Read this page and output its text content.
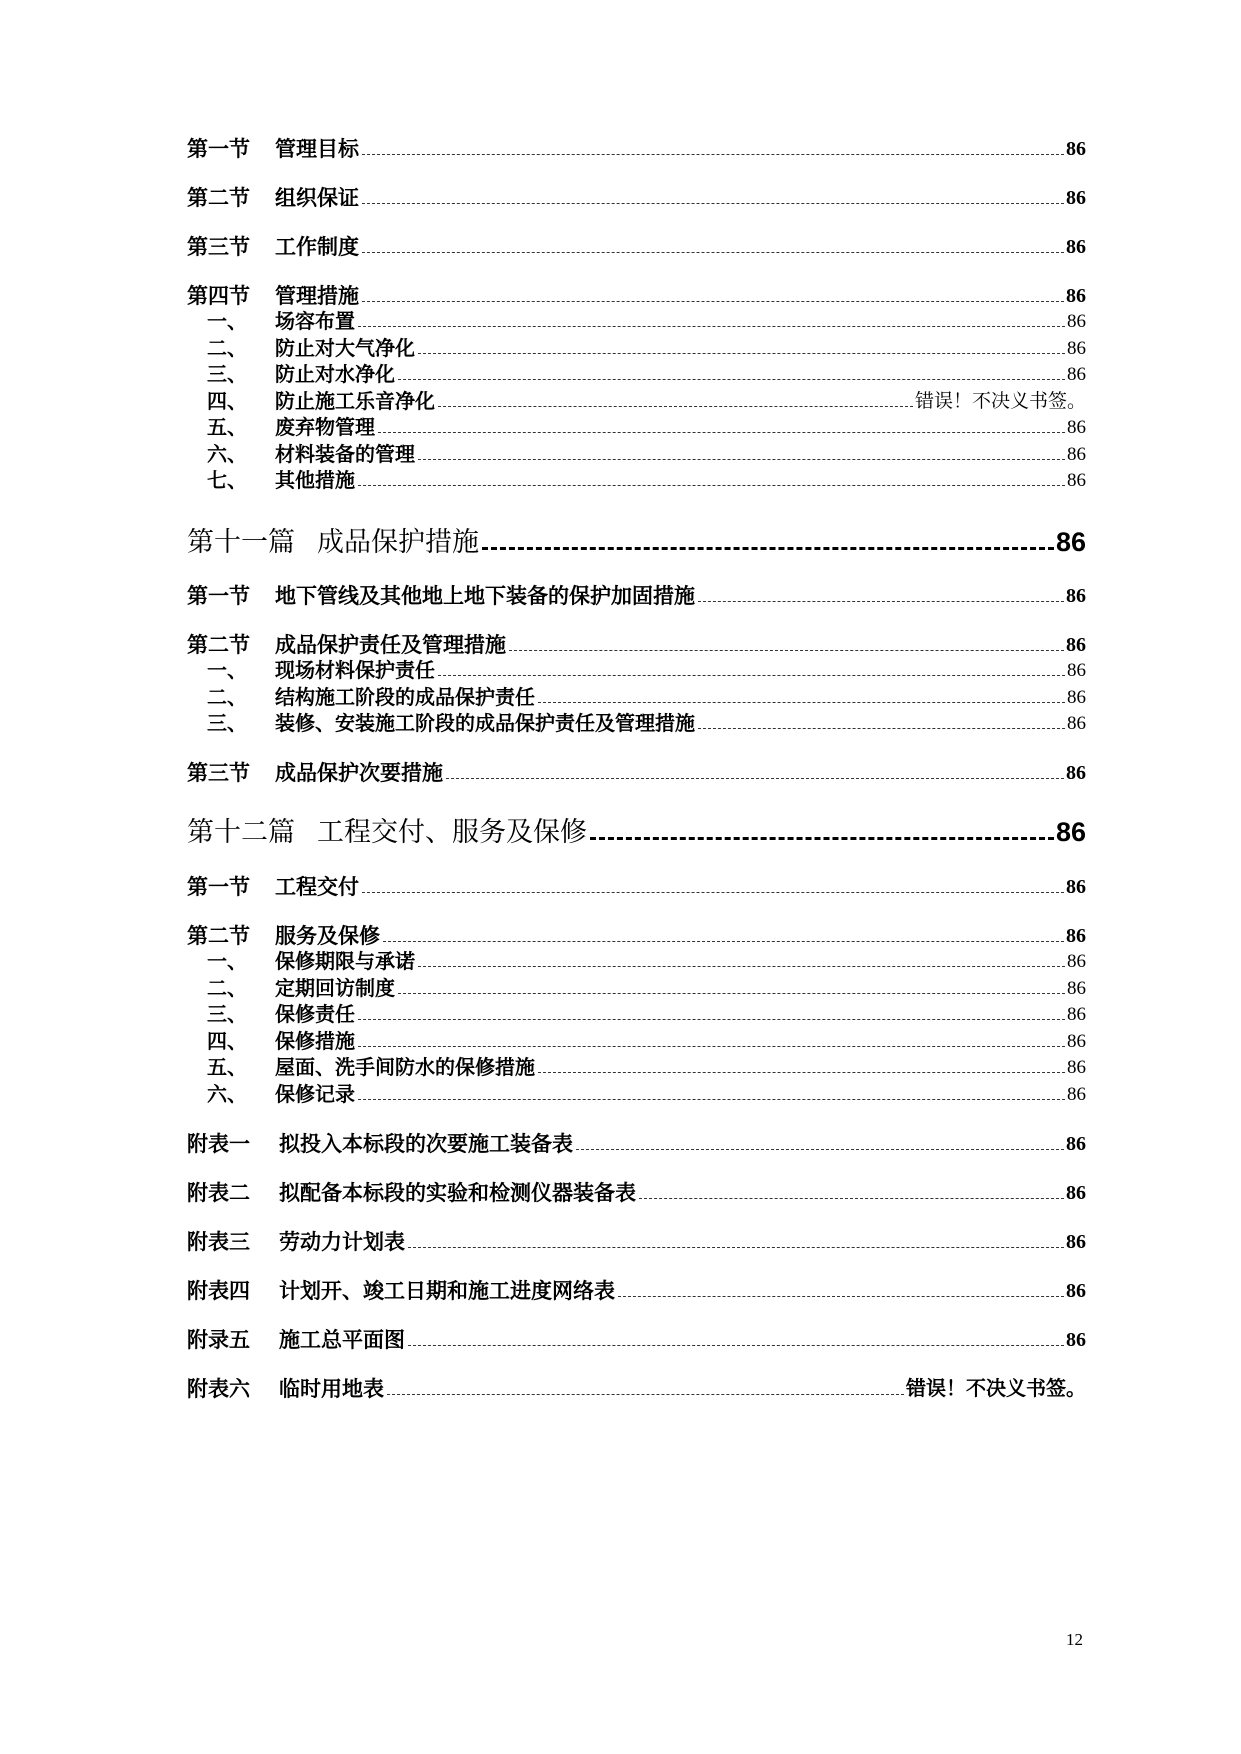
第一节	管理目标	86
第二节	组织保证	86
第三节	工作制度	86
第四节	管理措施	86
一、	场容布置	86
二、	防止对大气净化	86
三、	防止对水净化	86
四、	防止施工乐音净化	错误！不决义书签。
五、	废弃物管理	86
六、	材料装备的管理	86
七、	其他措施	86
第十一篇 成品保护措施	86
第一节	地下管线及其他地上地下装备的保护加固措施	86
第二节	成品保护责任及管理措施	86
一、	现场材料保护责任	86
二、	结构施工阶段的成品保护责任	86
三、	装修、安装施工阶段的成品保护责任及管理措施	86
第三节	成品保护次要措施	86
第十二篇 工程交付、服务及保修	86
第一节	工程交付	86
第二节	服务及保修	86
一、	保修期限与承诺	86
二、	定期回访制度	86
三、	保修责任	86
四、	保修措施	86
五、	屋面、洗手间防水的保修措施	86
六、	保修记录	86
附表一	拟投入本标段的次要施工装备表	86
附表二	拟配备本标段的实验和检测仪器装备表	86
附表三	劳动力计划表	86
附表四	计划开、竣工日期和施工进度网络表	86
附录五	施工总平面图	86
附表六	临时用地表	错误！不决义书签。
12
